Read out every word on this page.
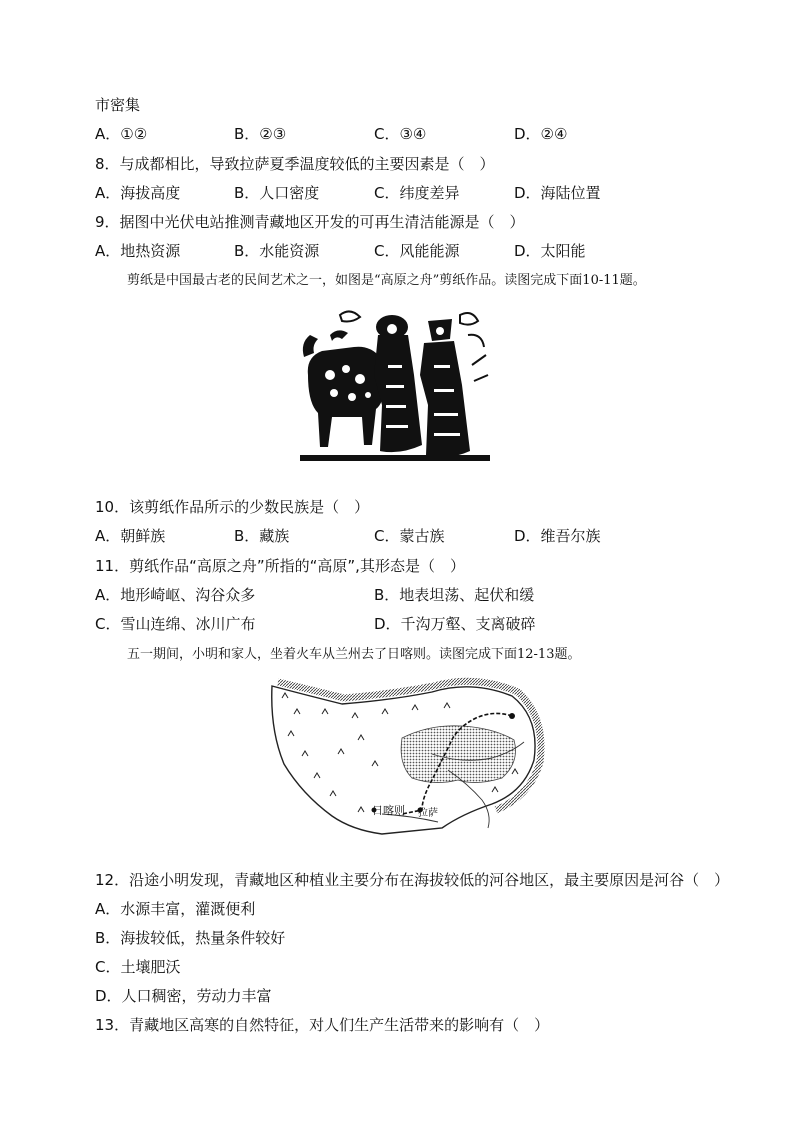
市密集
A．①②	B．②③	C．③④	D．②④
8．与成都相比，导致拉萨夏季温度较低的主要因素是（　）
A．海拔高度	B．人口密度	C．纬度差异	D．海陆位置
9．据图中光伏电站推测青藏地区开发的可再生清洁能源是（　）
A．地热资源	B．水能资源	C．风能能源	D．太阳能
剪纸是中国最古老的民间艺术之一，如图是“高原之舟”剪纸作品。读图完成下面10-11题。
10．该剪纸作品所示的少数民族是（　）
A．朝鲜族	B．藏族	C．蒙古族	D．维吾尔族
11．剪纸作品“高原之舟”所指的“高原”,其形态是（　）
A．地形崎岖、沟谷众多	B．地表坦荡、起伏和缓
C．雪山连绵、冰川广布	D．千沟万壑、支离破碎
五一期间，小明和家人，坐着火车从兰州去了日喀则。读图完成下面12-13题。
日喀则 拉萨
12．沿途小明发现，青藏地区种植业主要分布在海拔较低的河谷地区，最主要原因是河谷（　）
A．水源丰富，灌溉便利
B．海拔较低，热量条件较好
C．土壤肥沃
D．人口稠密，劳动力丰富
13．青藏地区高寒的自然特征，对人们生产生活带来的影响有（　）
